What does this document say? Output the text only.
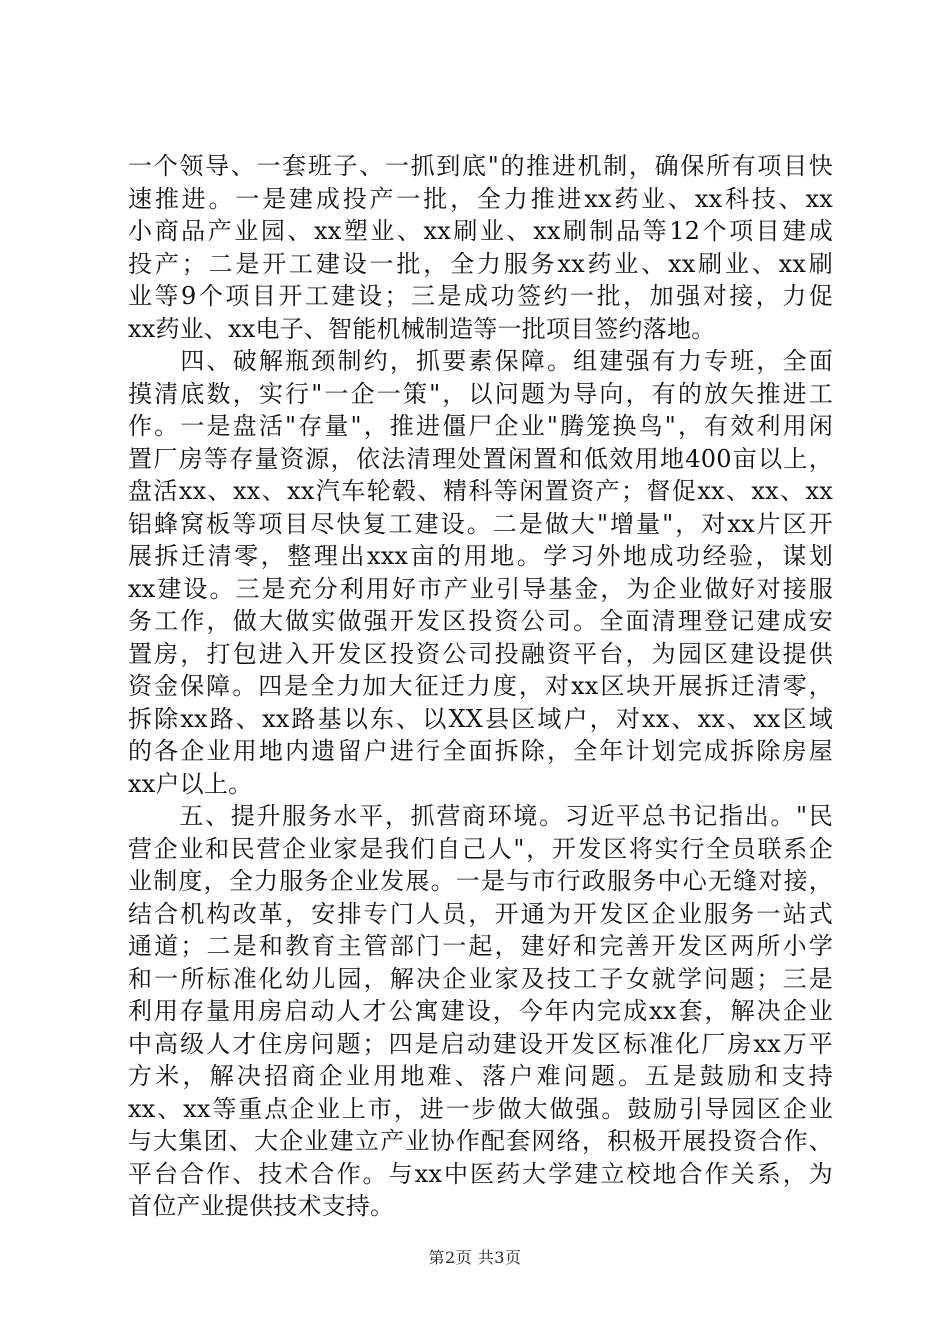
一个领导、一套班子、一抓到底"的推进机制，确保所有项目快
速推进。一是建成投产一批，全力推进xx药业、xx科技、xx
小商品产业园、xx塑业、xx刷业、xx刷制品等12个项目建成
投产；二是开工建设一批，全力服务xx药业、xx刷业、xx刷
业等9个项目开工建设；三是成功签约一批，加强对接，力促
xx药业、xx电子、智能机械制造等一批项目签约落地。
　　四、破解瓶颈制约，抓要素保障。组建强有力专班，全面
摸清底数，实行"一企一策"，以问题为导向，有的放矢推进工
作。一是盘活"存量"，推进僵尸企业"腾笼换鸟"，有效利用闲
置厂房等存量资源，依法清理处置闲置和低效用地400亩以上，
盘活xx、xx、xx汽车轮毂、精科等闲置资产；督促xx、xx、xx
铝蜂窝板等项目尽快复工建设。二是做大"增量"，对xx片区开
展拆迁清零，整理出xxx亩的用地。学习外地成功经验，谋划
xx建设。三是充分利用好市产业引导基金，为企业做好对接服
务工作，做大做实做强开发区投资公司。全面清理登记建成安
置房，打包进入开发区投资公司投融资平台，为园区建设提供
资金保障。四是全力加大征迁力度，对xx区块开展拆迁清零，
拆除xx路、xx路基以东、以XX县区域户，对xx、xx、xx区域
的各企业用地内遗留户进行全面拆除，全年计划完成拆除房屋
xx户以上。
　　五、提升服务水平，抓营商环境。习近平总书记指出。"民
营企业和民营企业家是我们自己人"，开发区将实行全员联系企
业制度，全力服务企业发展。一是与市行政服务中心无缝对接，
结合机构改革，安排专门人员，开通为开发区企业服务一站式
通道；二是和教育主管部门一起，建好和完善开发区两所小学
和一所标准化幼儿园，解决企业家及技工子女就学问题；三是
利用存量用房启动人才公寓建设，今年内完成xx套，解决企业
中高级人才住房问题；四是启动建设开发区标准化厂房xx万平
方米，解决招商企业用地难、落户难问题。五是鼓励和支持
xx、xx等重点企业上市，进一步做大做强。鼓励引导园区企业
与大集团、大企业建立产业协作配套网络，积极开展投资合作、
平台合作、技术合作。与xx中医药大学建立校地合作关系，为
首位产业提供技术支持。
第2页 共3页
